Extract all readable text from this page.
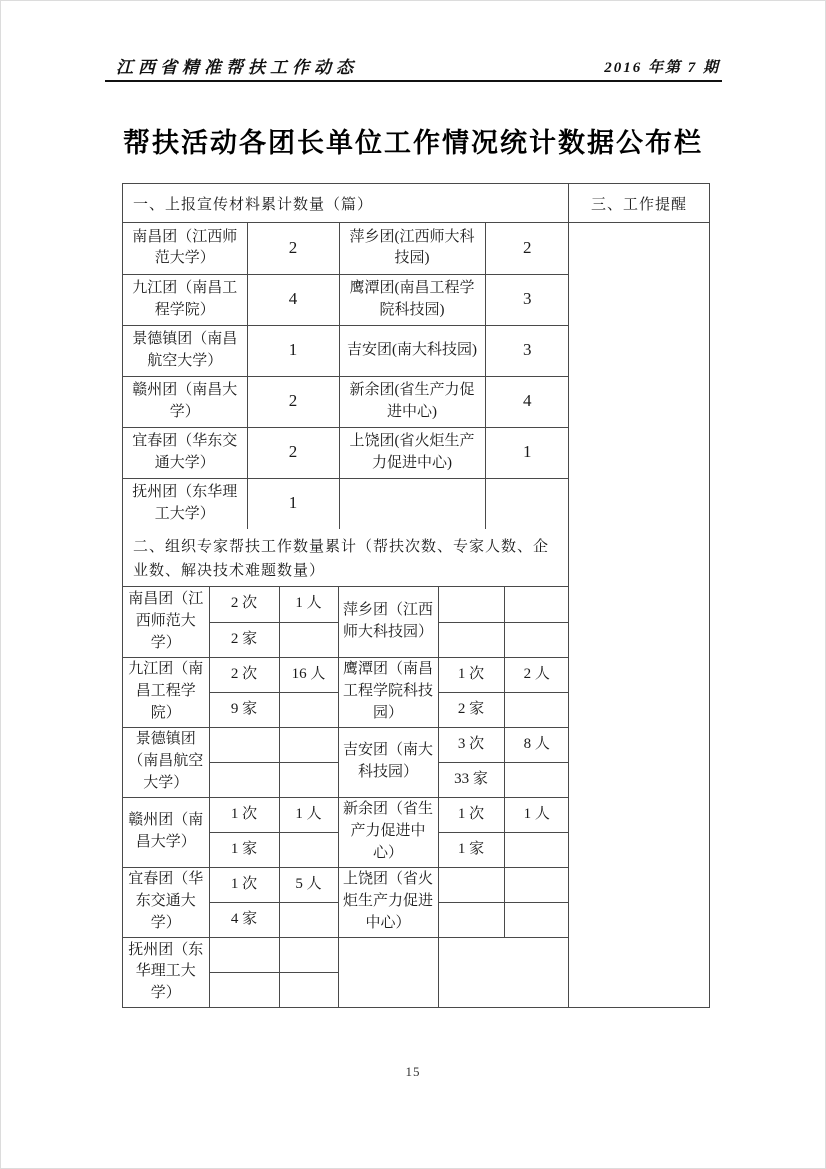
江西省精准帮扶工作动态	2016 年第 7 期
帮扶活动各团长单位工作情况统计数据公布栏
一、上报宣传材料累计数量（篇）
南昌团（江西师范大学）	2	萍乡团(江西师大科技园)	2
九江团（南昌工程学院）	4	鹰潭团(南昌工程学院科技园)	3
景德镇团（南昌航空大学）	1	吉安团(南大科技园)	3
赣州团（南昌大学）	2	新余团(省生产力促进中心)	4
宜春团（华东交通大学）	2	上饶团(省火炬生产力促进中心)	1
抚州团（东华理工大学）	1		
二、组织专家帮扶工作数量累计（帮扶次数、专家人数、企业数、解决技术难题数量）
南昌团（江西师范大学）	2 次	1 人	萍乡团（江西师大科技园）		
	2 家				
九江团（南昌工程学院）	2 次	16 人	鹰潭团（南昌工程学院科技园）	1 次	2 人
	9 家			2 家	
景德镇团（南昌航空大学）			吉安团（南大科技园）	3 次	8 人
				33 家	
赣州团（南昌大学）	1 次	1 人	新余团（省生产力促进中心）	1 次	1 人
	1 家			1 家	
宜春团（华东交通大学）	1 次	5 人	上饶团（省火炬生产力促进中心）		
	4 家				
抚州团（东华理工大学）					

三、工作提醒
15
